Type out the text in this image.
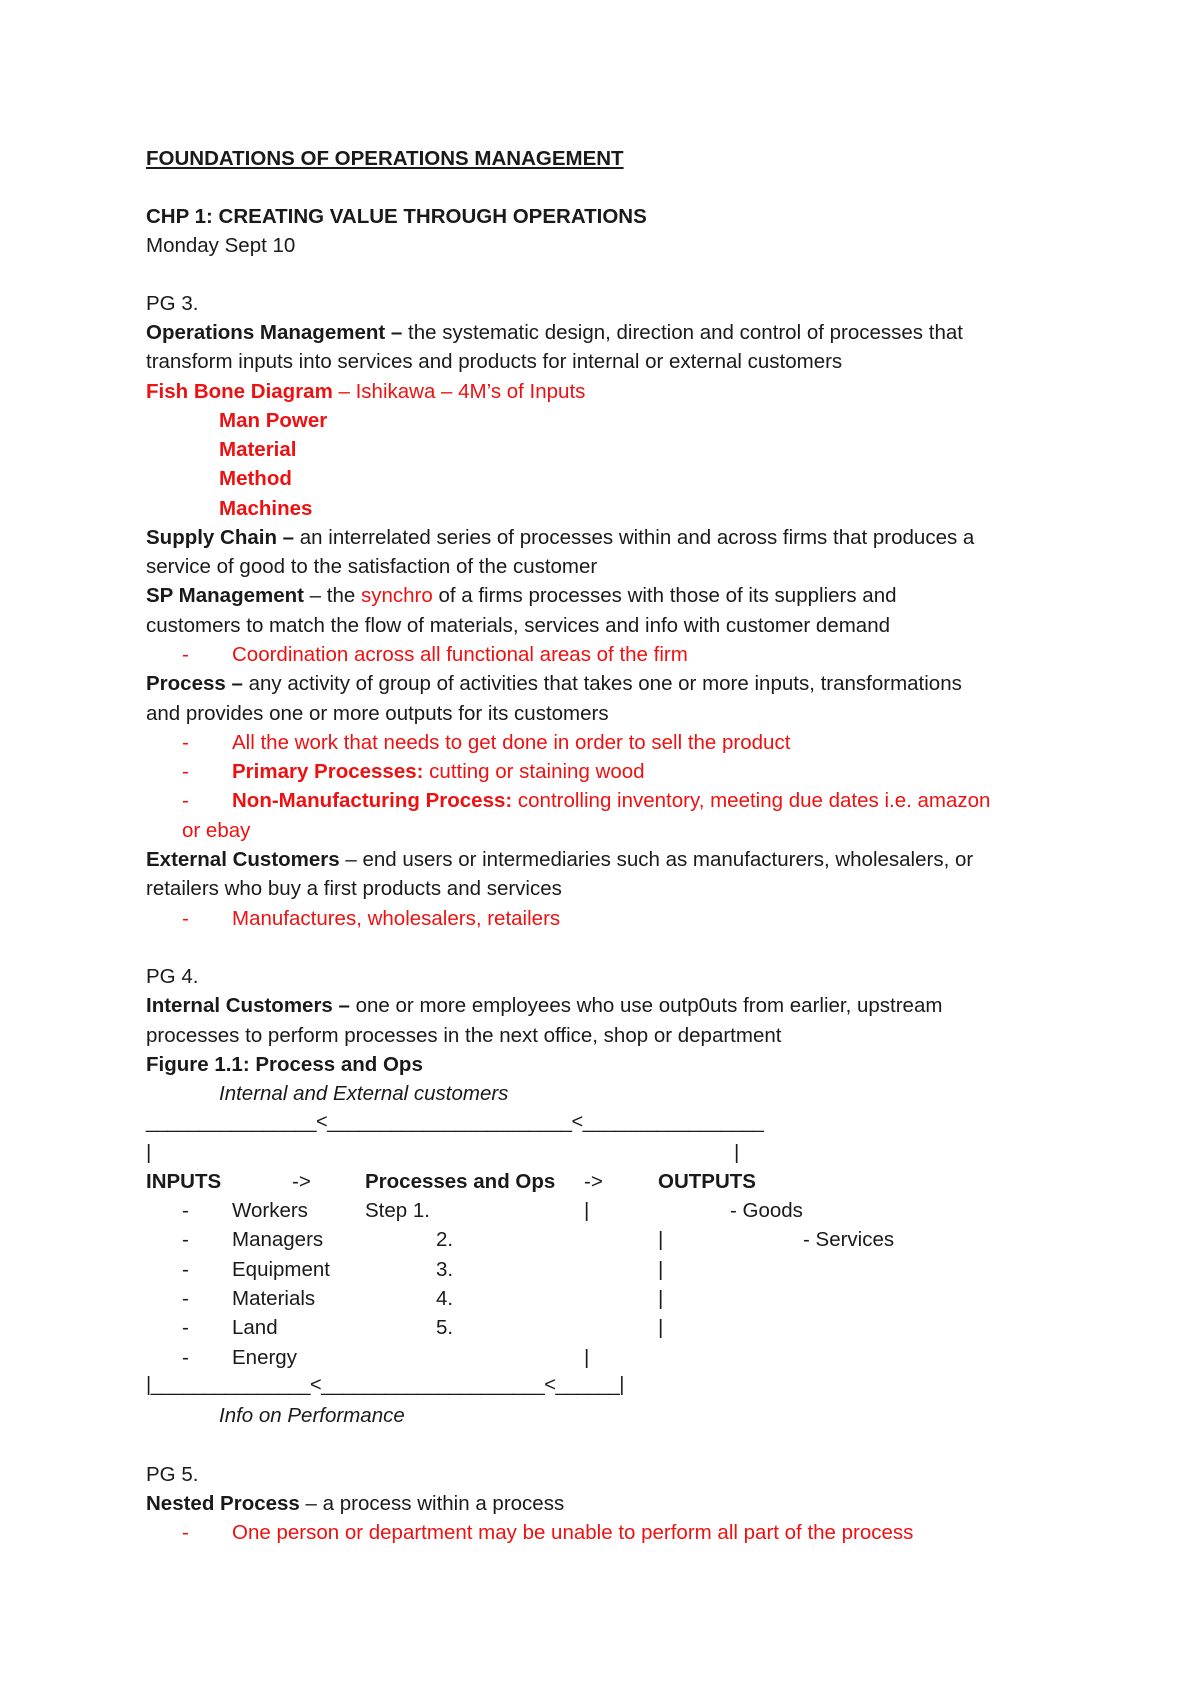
FOUNDATIONS OF OPERATIONS MANAGEMENT
CHP 1: CREATING VALUE THROUGH OPERATIONS
Monday Sept 10
PG 3.
Operations Management – the systematic design, direction and control of processes that
transform inputs into services and products for internal or external customers
Fish Bone Diagram – Ishikawa – 4M’s of Inputs
Man Power
Material
Method
Machines
Supply Chain – an interrelated series of processes within and across firms that produces a
service of good to the satisfaction of the customer
SP Management – the synchro of a firms processes with those of its suppliers and
customers to match the flow of materials, services and info with customer demand
- Coordination across all functional areas of the firm
Process – any activity of group of activities that takes one or more inputs, transformations
and provides one or more outputs for its customers
- All the work that needs to get done in order to sell the product
- Primary Processes: cutting or staining wood
- Non-Manufacturing Process: controlling inventory, meeting due dates i.e. amazon
or ebay
External Customers – end users or intermediaries such as manufacturers, wholesalers, or
retailers who buy a first products and services
- Manufactures, wholesalers, retailers
PG 4.
Internal Customers – one or more employees who use outp0uts from earlier, upstream
processes to perform processes in the next office, shop or department
Figure 1.1: Process and Ops
Internal and External customers
________________<_______________________<_________________
|	|
INPUTS	->	Processes and Ops ->	OUTPUTS
- Workers	Step 1.	|	- Goods
- Managers	2.	|	- Services
- Equipment	3.	|
- Materials	4.	|
- Land	5.	|
- Energy	|
|_______________<_____________________<______|
Info on Performance
PG 5.
Nested Process – a process within a process
- One person or department may be unable to perform all part of the process
